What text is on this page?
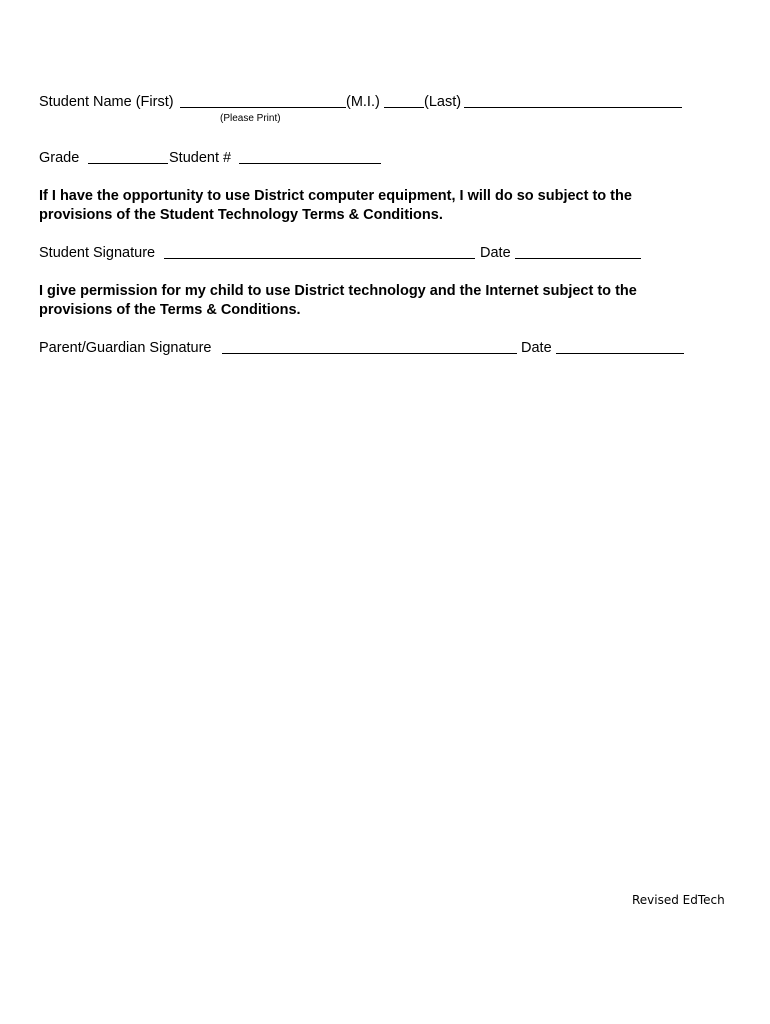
Student Name (First)	(M.I.)	(Last)
(Please Print)
Grade	Student #
If I have the opportunity to use District computer equipment, I will do so subject to the
provisions of the Student Technology Terms & Conditions.
Student Signature	Date
I give permission for my child to use District technology and the Internet subject to the
provisions of the Terms & Conditions.
Parent/Guardian Signature	Date
Revised EdTech
